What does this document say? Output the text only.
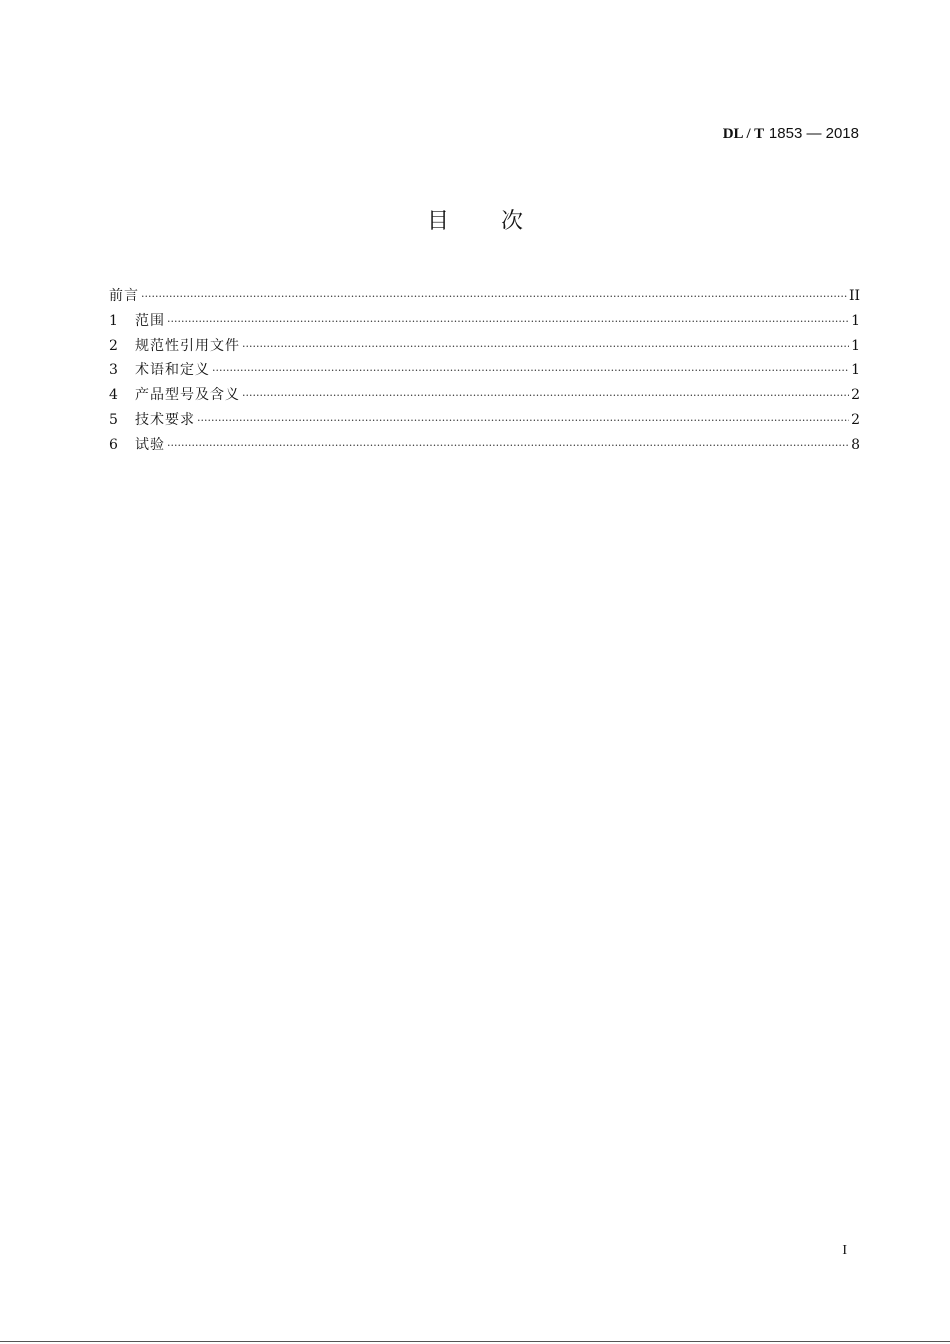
DL / T 1853 — 2018
目 次
前言 ·····	II
1	范围 ·····	1
2	规范性引用文件 ·····	1
3	术语和定义 ·····	1
4	产品型号及含义 ·····	2
5	技术要求 ·····	2
6	试验 ·····	8
I
